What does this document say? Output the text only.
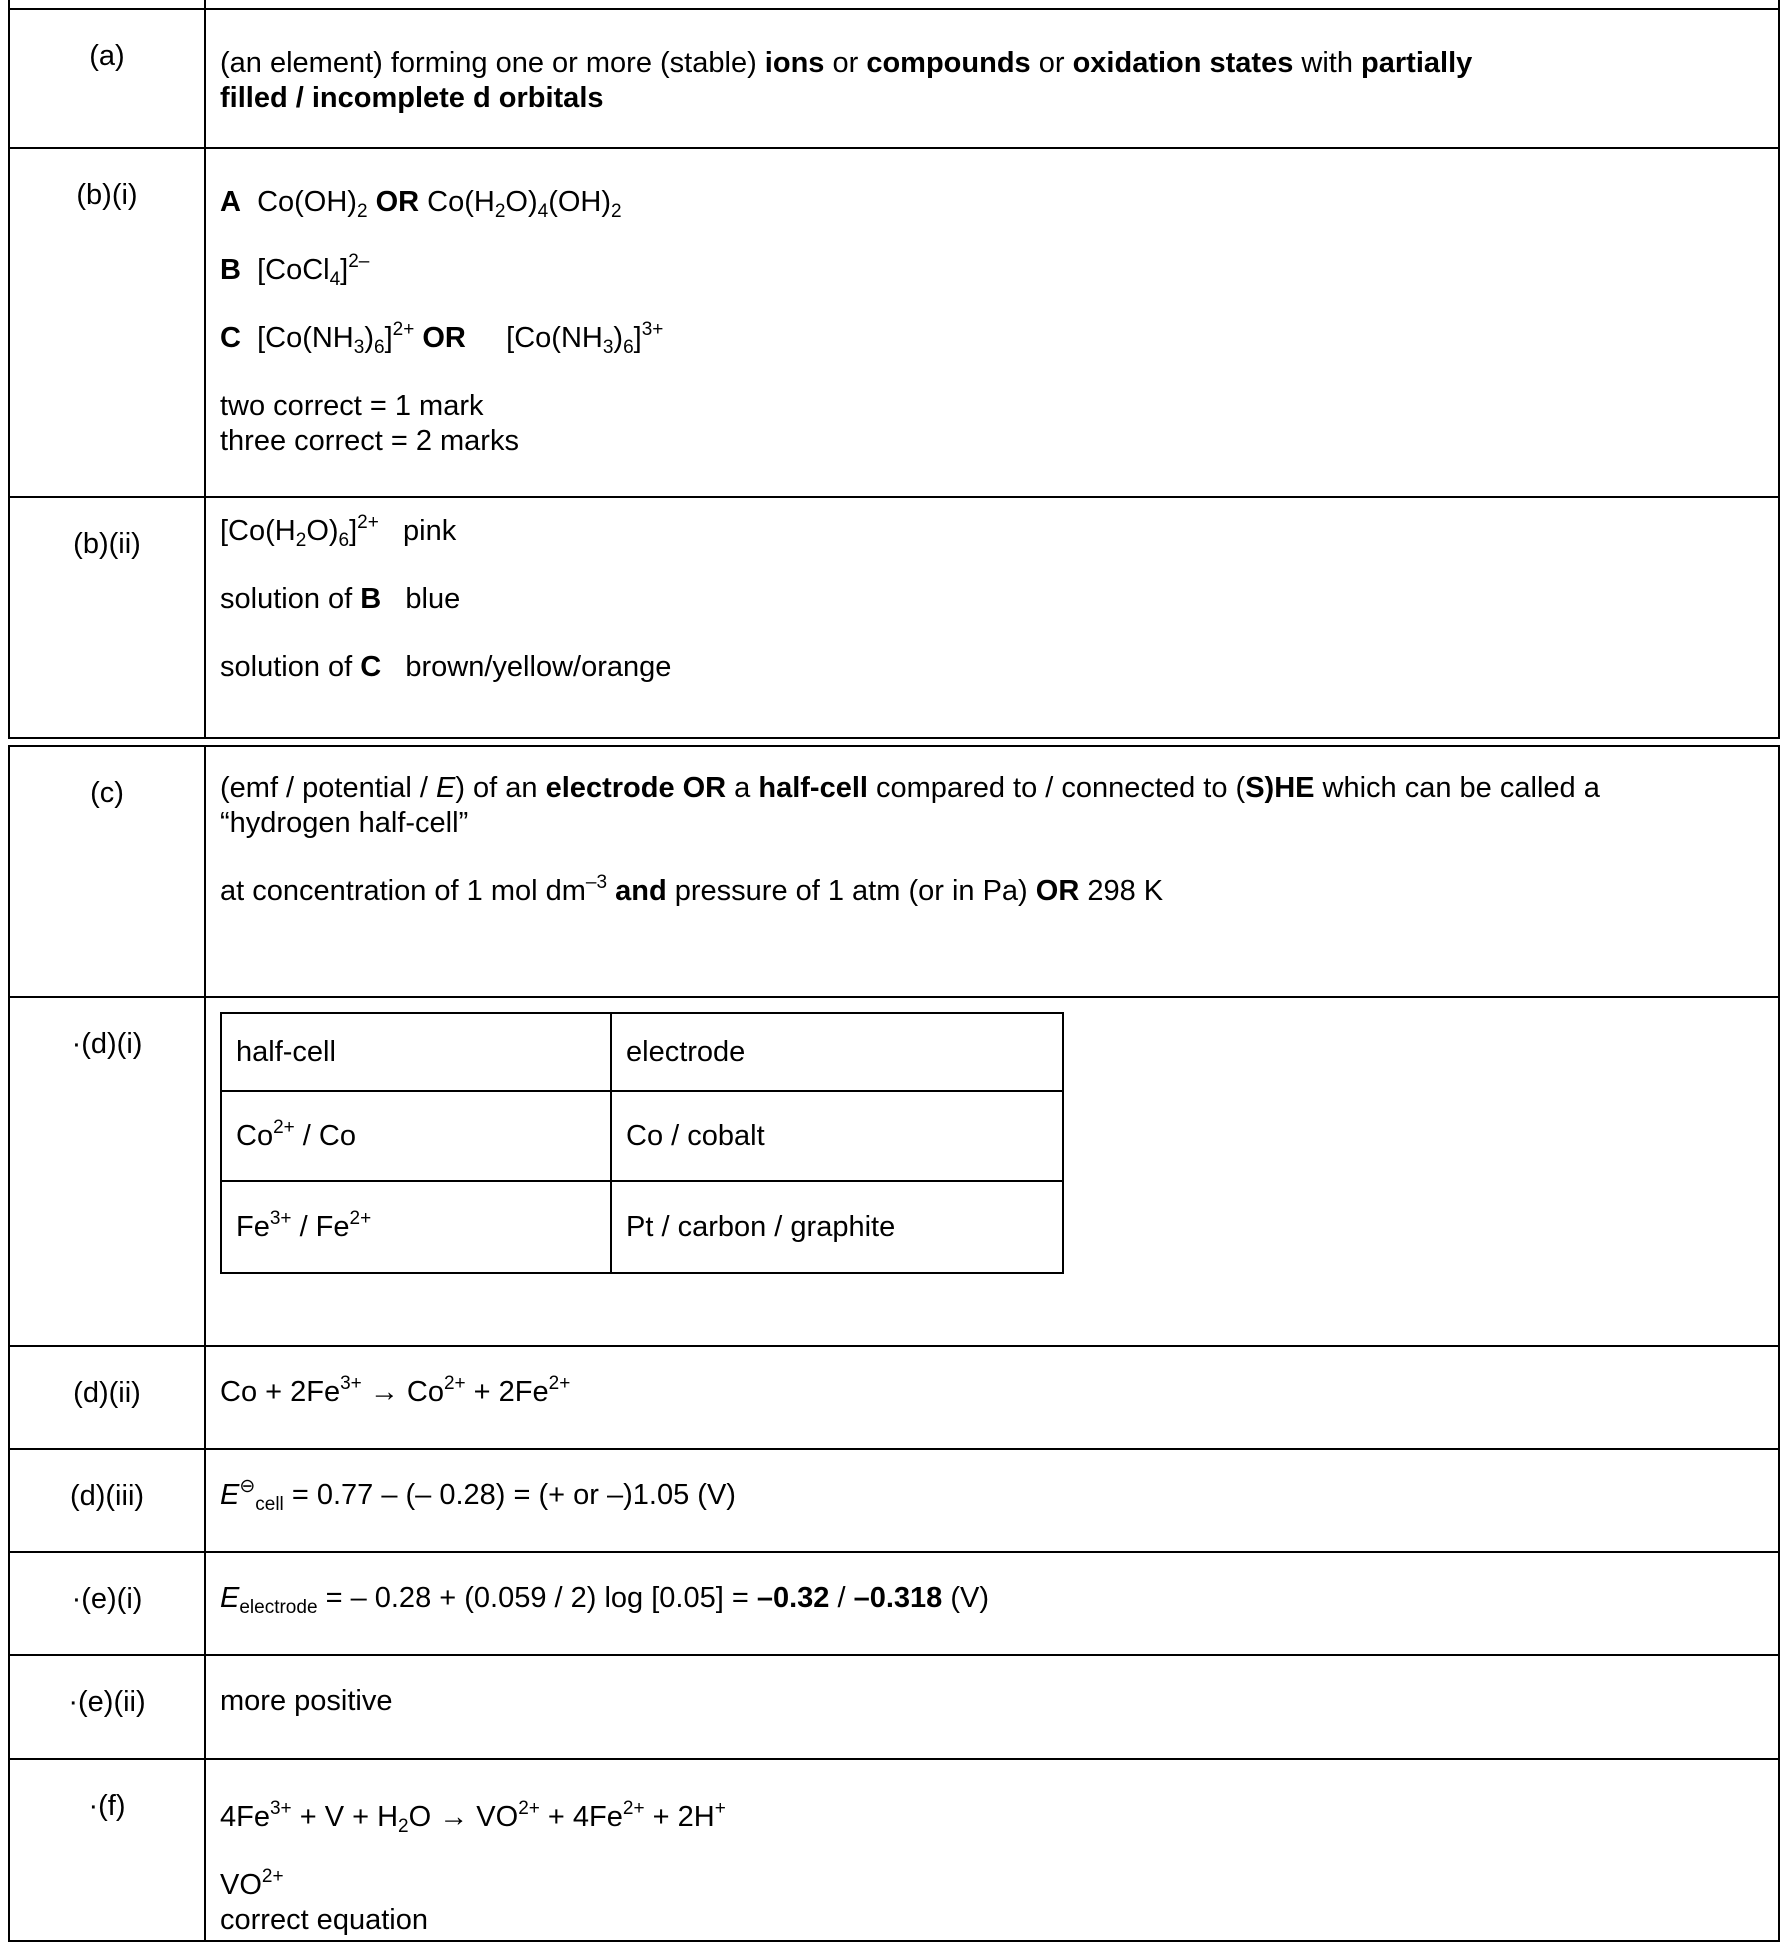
(a)	(an element) forming one or more (stable) ions or compounds or oxidation states with partially

filled / incomplete d orbitals

(b)(i)	A $Co(OH)_2$ OR $Co(H_2O)_4(OH)_2$

B [CoCl$_4$]$^{2-}$

C $[Co(NH_3)_6]^{2+}$ OR $[Co(NH_3)_6]^{3+}$

two correct = 1 mark

three correct = 2 marks

(b)(ii)	$[Co(H_2O)_6]^{2+}$ pink

solution of B blue

solution of C brown/yellow/orange

(c)	(emf / potential / E) of an electrode OR a half-cell compared to / connected to (S)HE which can be called a

“hydrogen half-cell”

at concentration of 1 mol $dm^{-3}$ and pressure of 1 atm (or in Pa) OR 298 K

·(d)(i)		half-cell	electrode
$Co^{2+}$ / Co	Co / cobalt
$Fe^{3+} / Fe^{2+}$	Pt / carbon / graphite

(d)(ii)	$Co + 2Fe^{3+} \to Co^{2+} + 2Fe^{2+}$

(d)(iii)	$E^⊖_{cell} = 0.77$ – (– 0.28) = (+ or –)1.05 (V)

·(e)(i)	$E_{electrode}$ = – 0.28 + (0.059 / 2) log [0.05] = –0.32 / –0.318 (V)

·(e)(ii)	more positive
·(f)	$4Fe^{3+} + V + H_2O \to VO^{2+} + 4Fe^{2+} + 2H^+$

$VO^{2+}$

correct equation
